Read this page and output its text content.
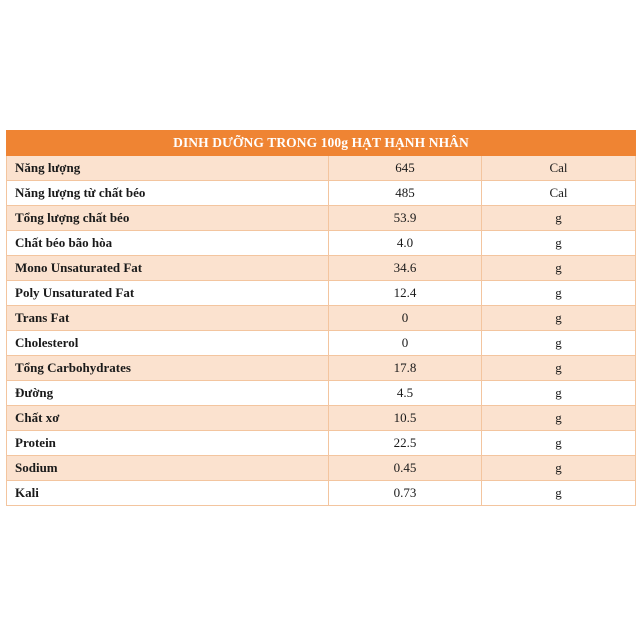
DINH DƯỠNG TRONG 100g HẠT HẠNH NHÂN		
Năng lượng	645	Cal
Năng lượng từ chất béo	485	Cal
Tổng lượng chất béo	53.9	g
Chất béo bão hòa	4.0	g
Mono Unsaturated Fat	34.6	g
Poly Unsaturated Fat	12.4	g
Trans Fat	0	g
Cholesterol	0	g
Tổng Carbohydrates	17.8	g
Đường	4.5	g
Chất xơ	10.5	g
Protein	22.5	g
Sodium	0.45	g
Kali	0.73	g
